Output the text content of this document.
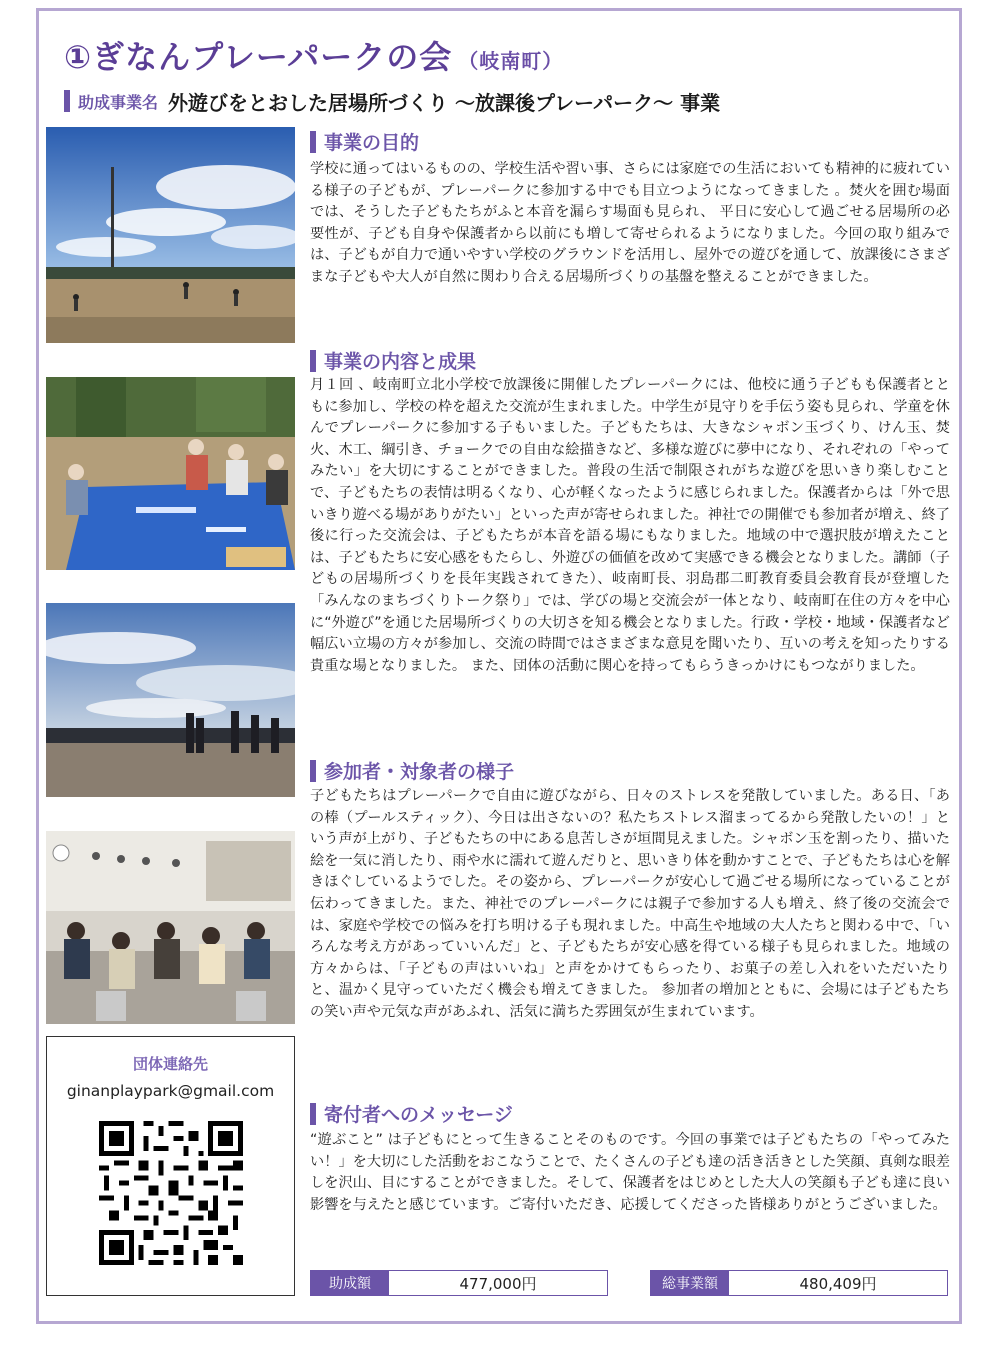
①ぎなんプレーパークの会 （岐南町）
助成事業名 外遊びをとおした居場所づくり ～放課後プレーパーク～ 事業
事業の目的
学校に通ってはいるものの、学校生活や習い事、さらには家庭での生活においても精神的に疲れている様子の子どもが、プレーパークに参加する中でも目立つようになってきました 。焚火を囲む場面では、そうした子どもたちがふと本音を漏らす場面も見られ、 平日に安心して過ごせる居場所の必要性が、子ども自身や保護者から以前にも増して寄せられるようになりました。今回の取り組みでは、子どもが自力で通いやすい学校のグラウンドを活用し、屋外での遊びを通して、放課後にさまざまな子どもや大人が自然に関わり合える居場所づくりの基盤を整えることができました。
事業の内容と成果
月１回 、岐南町立北小学校で放課後に開催したプレーパークには、他校に通う子どもも保護者とともに参加し、学校の枠を超えた交流が生まれました。中学生が見守りを手伝う姿も見られ、学童を休んでプレーパークに参加する子もいました。子どもたちは、大きなシャボン玉づくり、けん玉、焚火、木工、綱引き、チョークでの自由な絵描きなど、多様な遊びに夢中になり、それぞれの「やってみたい」を大切にすることができました。普段の生活で制限されがちな遊びを思いきり楽しむことで、子どもたちの表情は明るくなり、心が軽くなったように感じられました。保護者からは「外で思いきり遊べる場がありがたい」といった声が寄せられました。神社での開催でも参加者が増え、終了後に行った交流会は、子どもたちが本音を語る場にもなりました。地域の中で選択肢が増えたことは、子どもたちに安心感をもたらし、外遊びの価値を改めて実感できる機会となりました。講師（子どもの居場所づくりを長年実践されてきた）、岐南町長、羽島郡二町教育委員会教育長が登壇した「みんなのまちづくりトーク祭り」では、学びの場と交流会が一体となり、岐南町在住の方々を中心に“外遊び”を通じた居場所づくりの大切さを知る機会となりました。行政・学校・地域・保護者など幅広い立場の方々が参加し、交流の時間ではさまざまな意見を聞いたり、互いの考えを知ったりする貴重な場となりました。 また、団体の活動に関心を持ってもらうきっかけにもつながりました。
参加者・対象者の様子
子どもたちはプレーパークで自由に遊びながら、日々のストレスを発散していました。ある日、「あの棒（プールスティック）、今日は出さないの？私たちストレス溜まってるから発散したいの！」という声が上がり、子どもたちの中にある息苦しさが垣間見えました。シャボン玉を割ったり、描いた絵を一気に消したり、雨や水に濡れて遊んだりと、思いきり体を動かすことで、子どもたちは心を解きほぐしているようでした。その姿から、プレーパークが安心して過ごせる場所になっていることが伝わってきました。また、神社でのプレーパークには親子で参加する人も増え、終了後の交流会では、家庭や学校での悩みを打ち明ける子も現れました。中高生や地域の大人たちと関わる中で、「いろんな考え方があっていいんだ」と、子どもたちが安心感を得ている様子も見られました。地域の方々からは、「子どもの声はいいね」と声をかけてもらったり、お菓子の差し入れをいただいたりと、温かく見守っていただく機会も増えてきました。 参加者の増加とともに、会場には子どもたちの笑い声や元気な声があふれ、活気に満ちた雰囲気が生まれています。
寄付者へのメッセージ
“遊ぶこと” は子どもにとって生きることそのものです。今回の事業では子どもたちの「やってみたい！」を大切にした活動をおこなうことで、たくさんの子ども達の活き活きとした笑顔、真剣な眼差しを沢山、目にすることができました。そして、保護者をはじめとした大人の笑顔も子ども達に良い影響を与えたと感じています。ご寄付いただき、応援してくださった皆様ありがとうございました。
団体連絡先
ginanplaypark@gmail.com
助成額	477,000円	総事業額	480,409円
